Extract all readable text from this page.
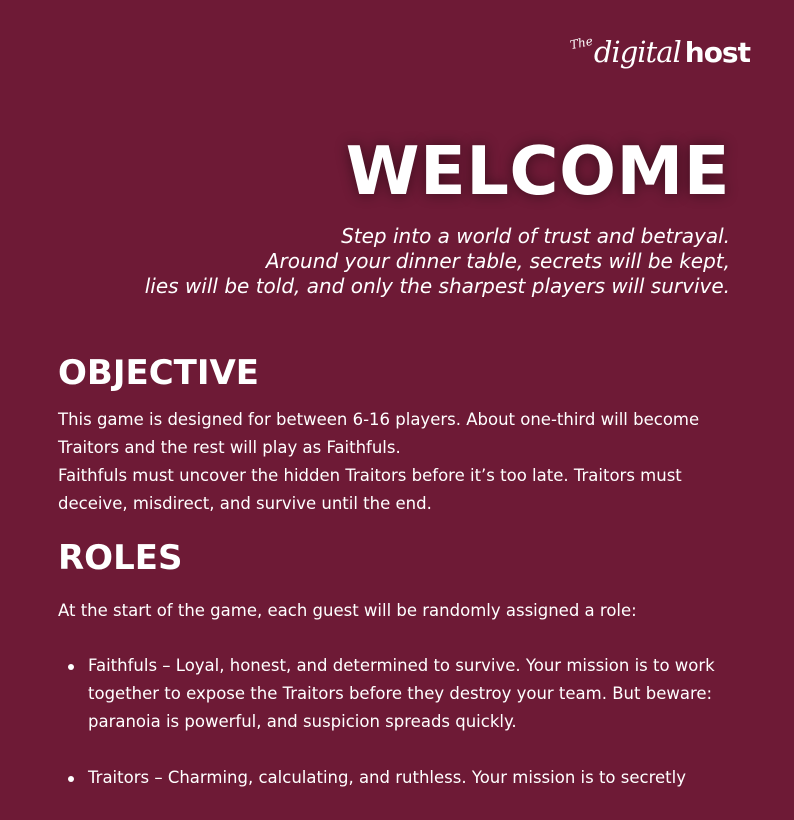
The digital host
WELCOME
Step into a world of trust and betrayal.
Around your dinner table, secrets will be kept,
lies will be told, and only the sharpest players will survive.
OBJECTIVE
This game is designed for between 6-16 players. About one-third will become Traitors and the rest will play as Faithfuls.
Faithfuls must uncover the hidden Traitors before it’s too late. Traitors must deceive, misdirect, and survive until the end.
ROLES

At the start of the game, each guest will be randomly assigned a role:

Faithfuls – Loyal, honest, and determined to survive. Your mission is to work together to expose the Traitors before they destroy your team. But beware: paranoia is powerful, and suspicion spreads quickly.
Traitors – Charming, calculating, and ruthless. Your mission is to secretly
